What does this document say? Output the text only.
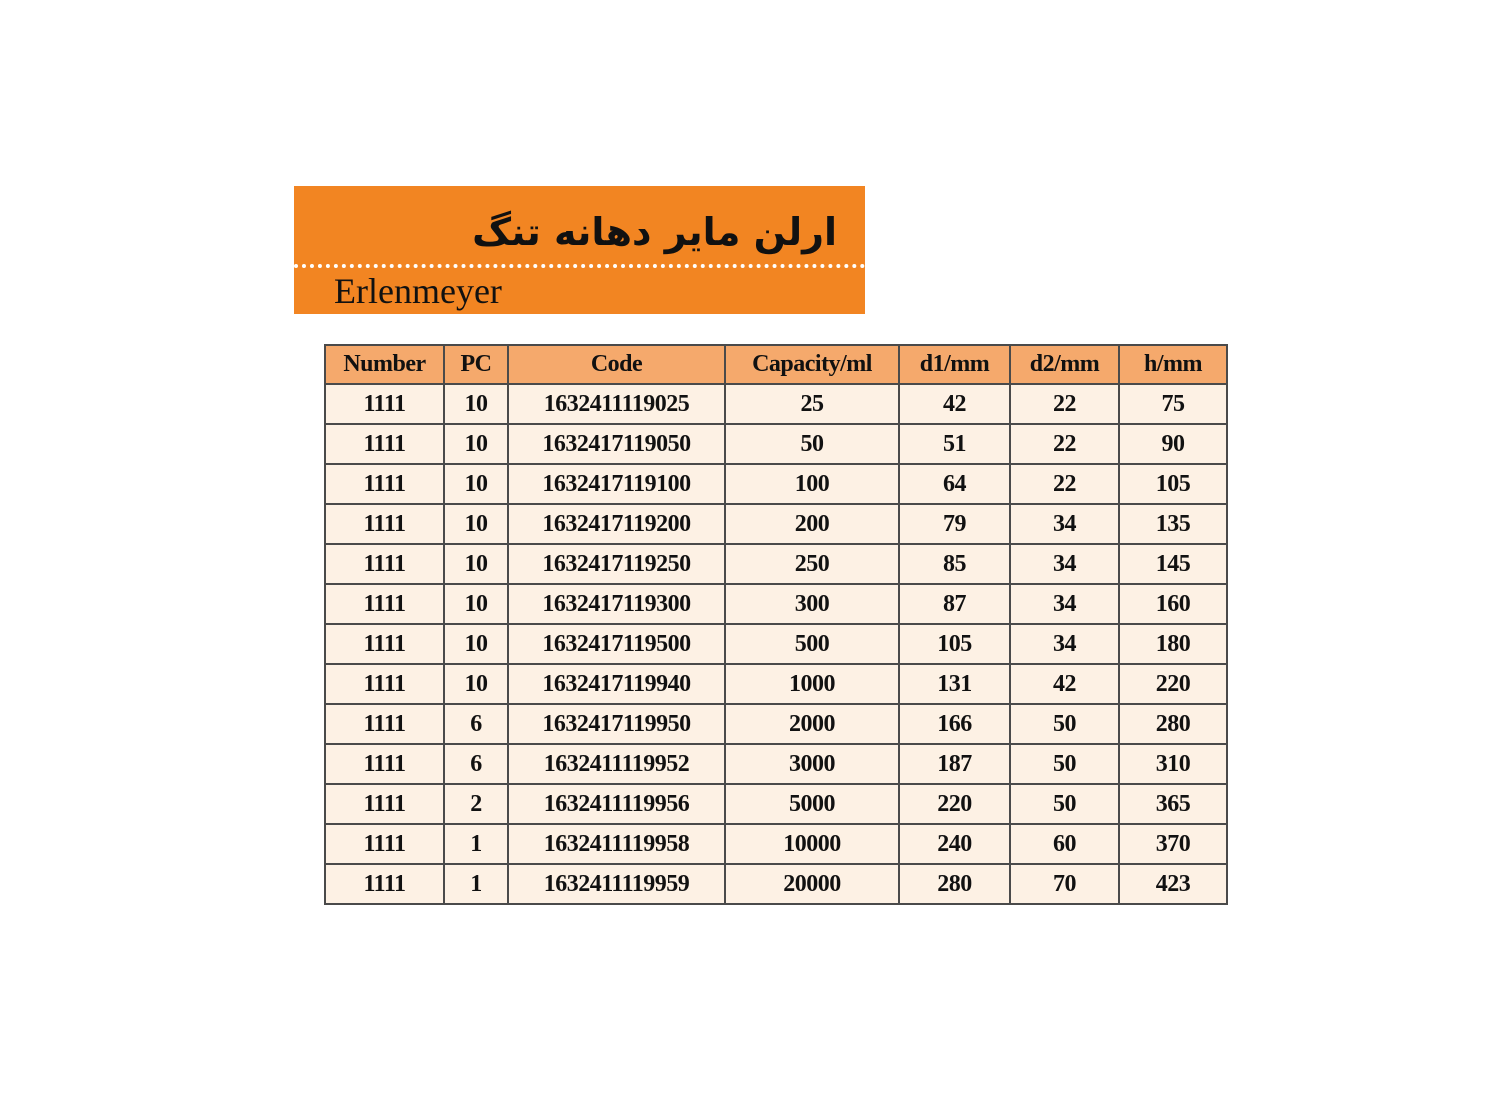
ارلن مایر دهانه تنگ
Erlenmeyer
Number	PC	Code	Capacity/ml	d1/mm	d2/mm	h/mm
1111	10	1632411119025	25	42	22	75
1111	10	1632417119050	50	51	22	90
1111	10	1632417119100	100	64	22	105
1111	10	1632417119200	200	79	34	135
1111	10	1632417119250	250	85	34	145
1111	10	1632417119300	300	87	34	160
1111	10	1632417119500	500	105	34	180
1111	10	1632417119940	1000	131	42	220
1111	6	1632417119950	2000	166	50	280
1111	6	1632411119952	3000	187	50	310
1111	2	1632411119956	5000	220	50	365
1111	1	1632411119958	10000	240	60	370
1111	1	1632411119959	20000	280	70	423
